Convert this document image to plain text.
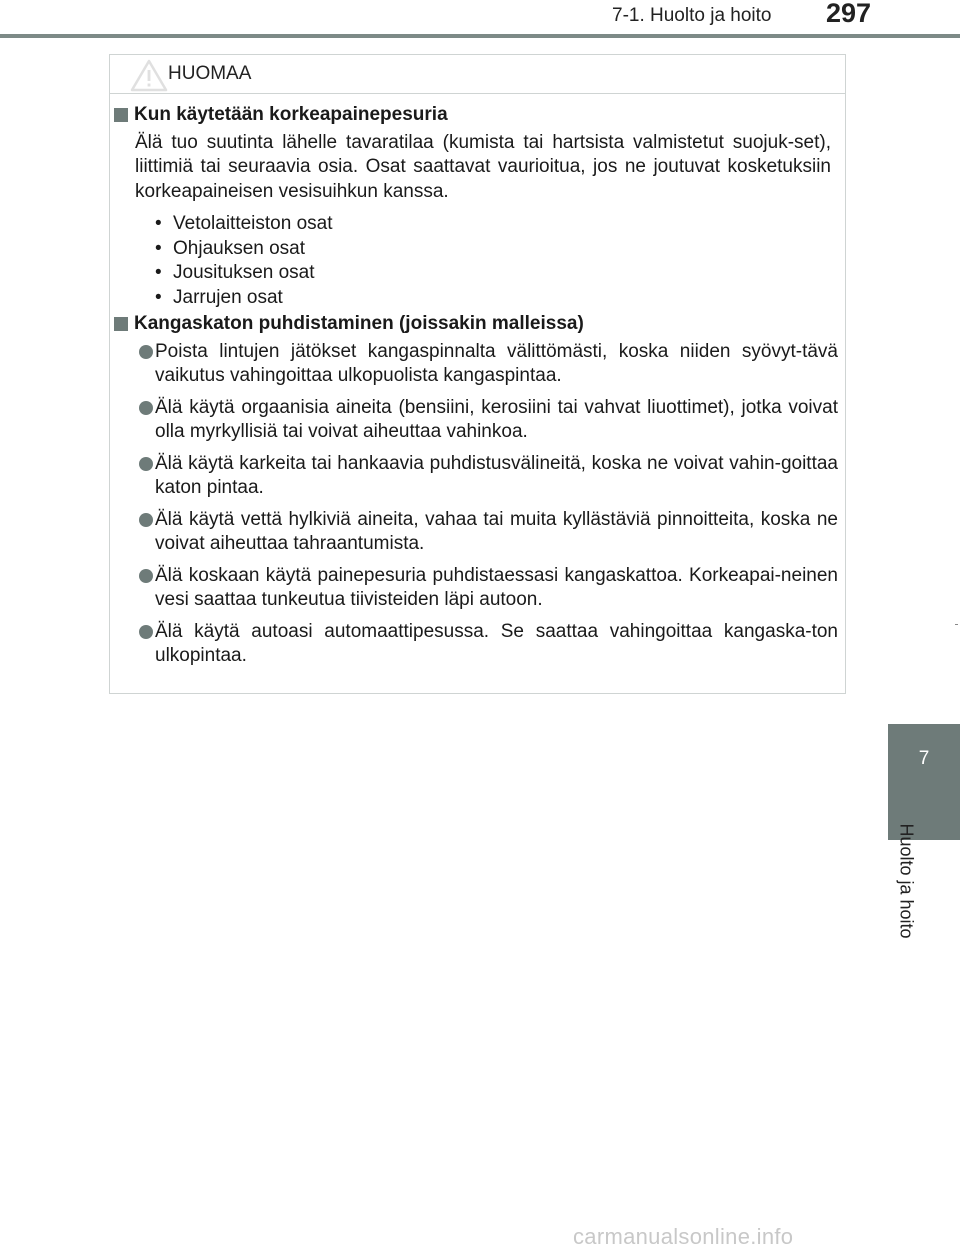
7-1. Huolto ja hoito 297
7
Huolto ja hoito
HUOMAA
Kun käytetään korkeapainepesuria
Älä tuo suutinta lähelle tavaratilaa (kumista tai hartsista valmistetut suojuk-set), liittimiä tai seuraavia osia. Osat saattavat vaurioitua, jos ne joutuvat kosketuksiin korkeapaineisen vesisuihkun kanssa.
• Vetolaitteiston osat
• Ohjauksen osat
• Jousituksen osat
• Jarrujen osat
Kangaskaton puhdistaminen (joissakin malleissa)
Poista lintujen jätökset kangaspinnalta välittömästi, koska niiden syövyt-tävä vaikutus vahingoittaa ulkopuolista kangaspintaa.
Älä käytä orgaanisia aineita (bensiini, kerosiini tai vahvat liuottimet), jotka voivat olla myrkyllisiä tai voivat aiheuttaa vahinkoa.
Älä käytä karkeita tai hankaavia puhdistusvälineitä, koska ne voivat vahin-goittaa katon pintaa.
Älä käytä vettä hylkiviä aineita, vahaa tai muita kyllästäviä pinnoitteita, koska ne voivat aiheuttaa tahraantumista.
Älä koskaan käytä painepesuria puhdistaessasi kangaskattoa. Korkeapai-neinen vesi saattaa tunkeutua tiivisteiden läpi autoon.
Älä käytä autoasi automaattipesussa. Se saattaa vahingoittaa kangaska-ton ulkopintaa.
carmanualsonline.info
